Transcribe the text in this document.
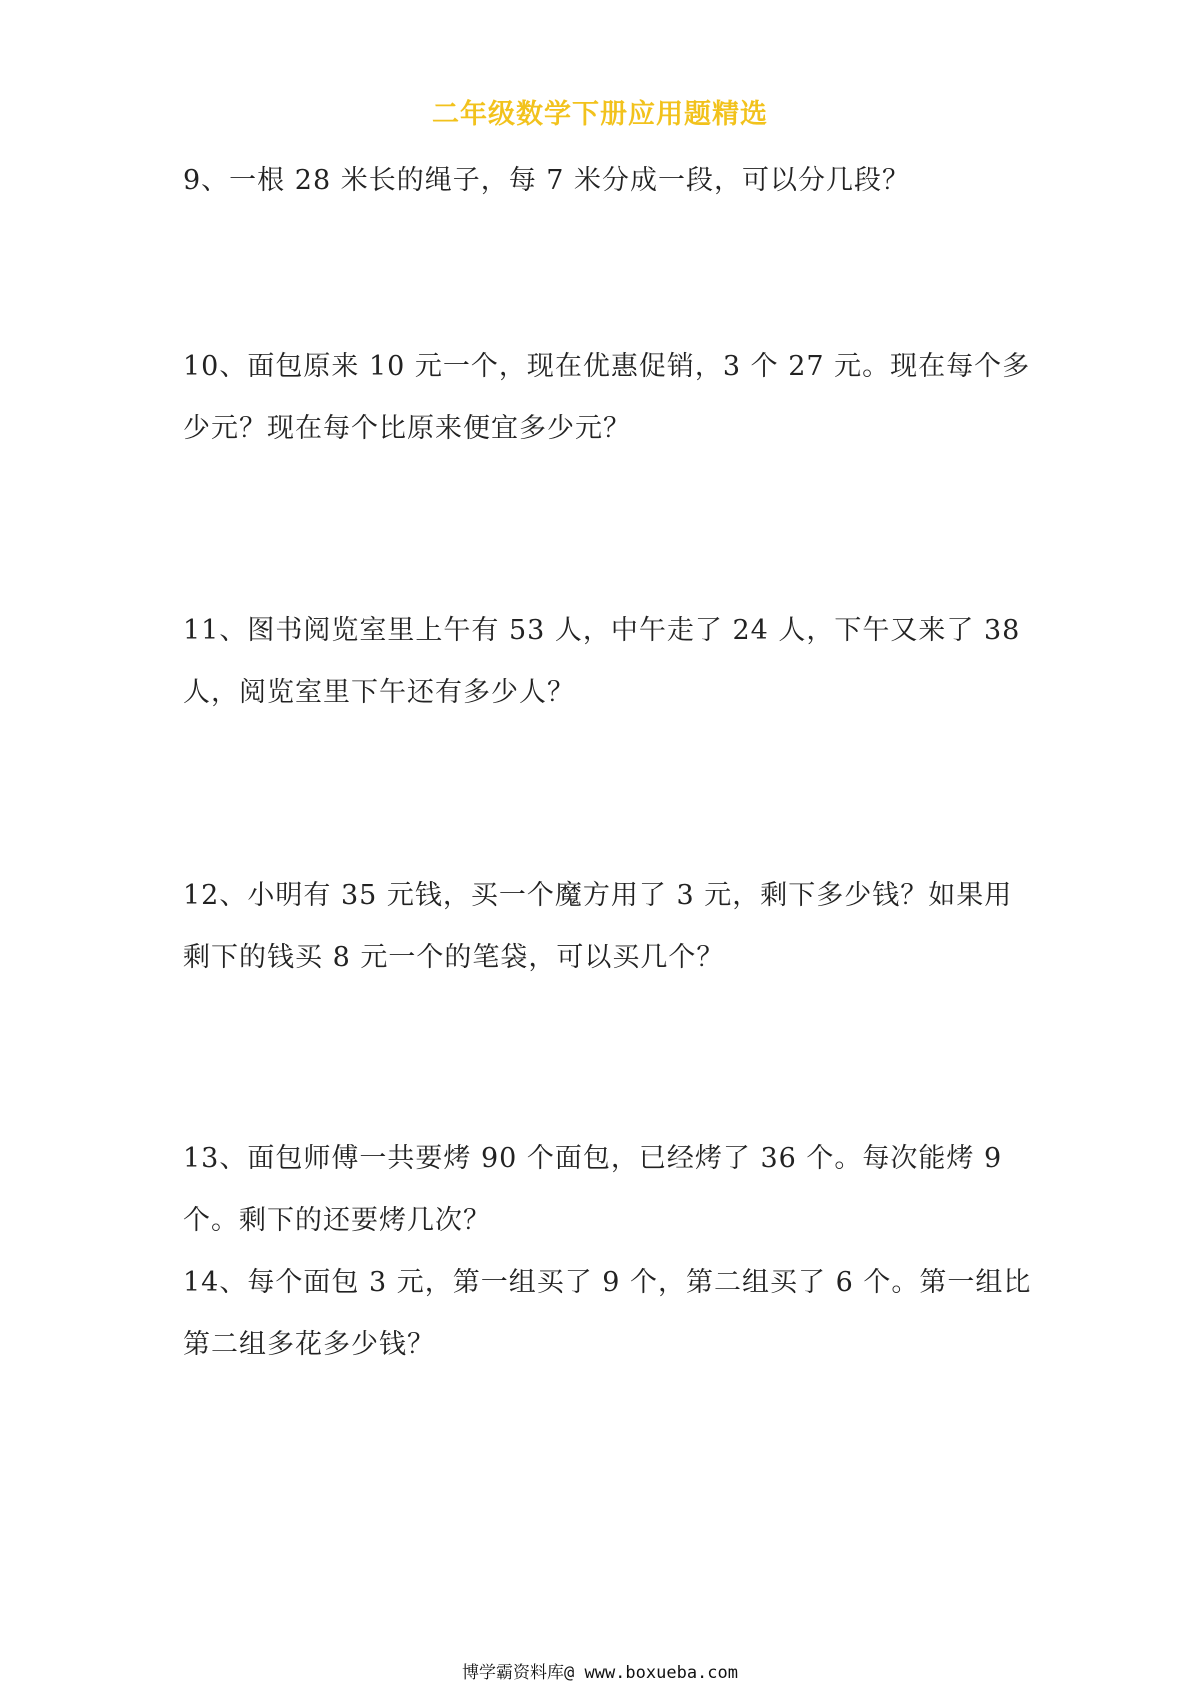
二年级数学下册应用题精选

9、一根 28 米长的绳子，每 7 米分成一段，可以分几段？

10、面包原来 10 元一个，现在优惠促销，3 个 27 元。现在每个多少元？现在每个比原来便宜多少元？

11、图书阅览室里上午有 53 人，中午走了 24 人，下午又来了 38 人，阅览室里下午还有多少人？

12、小明有 35 元钱，买一个魔方用了 3 元，剩下多少钱？如果用剩下的钱买 8 元一个的笔袋，可以买几个？

13、面包师傅一共要烤 90 个面包，已经烤了 36 个。每次能烤 9 个。剩下的还要烤几次？

14、每个面包 3 元，第一组买了 9 个，第二组买了 6 个。第一组比第二组多花多少钱？

博学霸资料库@ www.boxueba.com
